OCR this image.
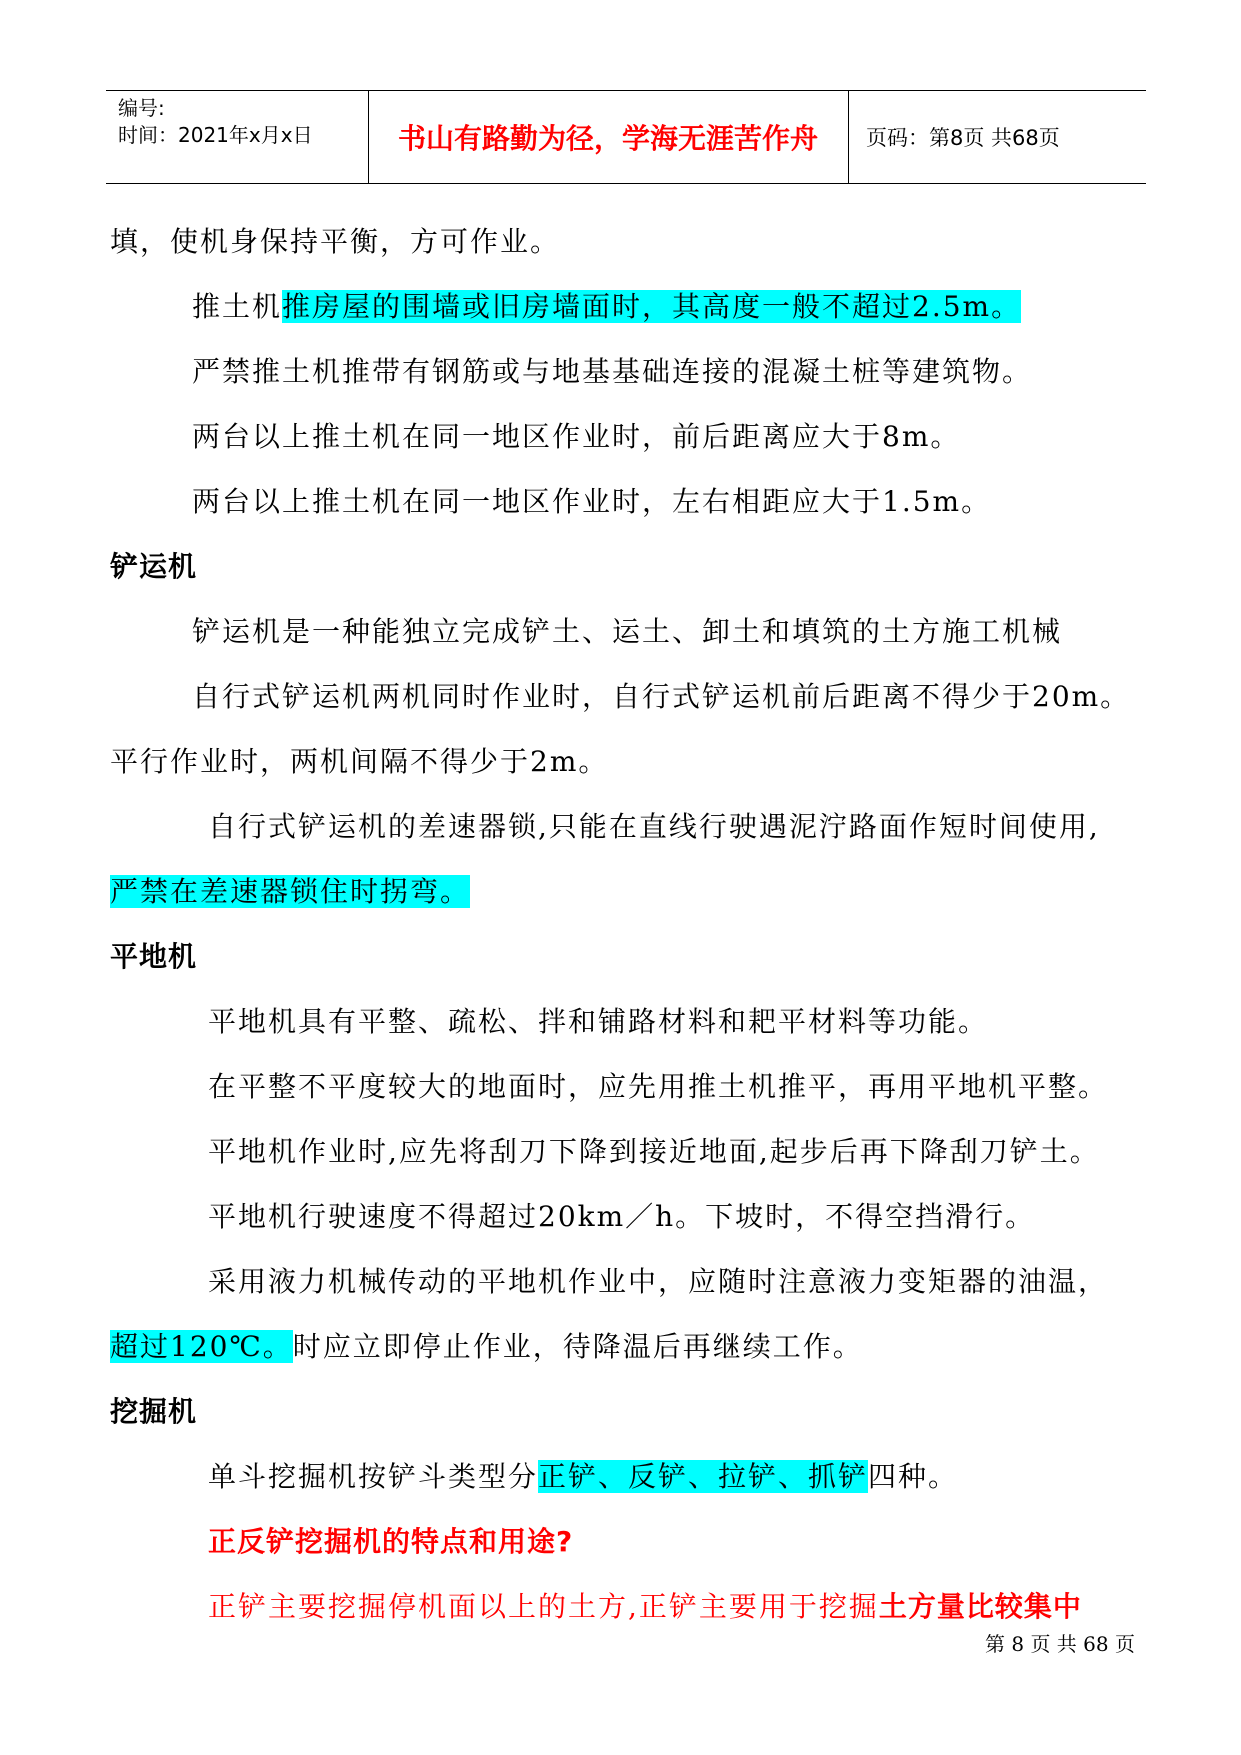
编号:
时间：2021年x月x日	书山有路勤为径，学海无涯苦作舟	页码：第8页 共68页
填，使机身保持平衡，方可作业。
推土机推房屋的围墙或旧房墙面时，其高度一般不超过2.5m。
严禁推土机推带有钢筋或与地基基础连接的混凝土桩等建筑物。
两台以上推土机在同一地区作业时，前后距离应大于8m。
两台以上推土机在同一地区作业时，左右相距应大于1.5m。
铲运机
铲运机是一种能独立完成铲土、运土、卸土和填筑的土方施工机械
自行式铲运机两机同时作业时，自行式铲运机前后距离不得少于20m。
平行作业时，两机间隔不得少于2m。
自行式铲运机的差速器锁,只能在直线行驶遇泥泞路面作短时间使用,
严禁在差速器锁住时拐弯。
平地机
平地机具有平整、疏松、拌和铺路材料和耙平材料等功能。
在平整不平度较大的地面时，应先用推土机推平，再用平地机平整。
平地机作业时,应先将刮刀下降到接近地面,起步后再下降刮刀铲土。
平地机行驶速度不得超过20km／h。下坡时，不得空挡滑行。
采用液力机械传动的平地机作业中，应随时注意液力变矩器的油温，
超过120℃。时应立即停止作业，待降温后再继续工作。
挖掘机
单斗挖掘机按铲斗类型分正铲、反铲、拉铲、抓铲四种。
正反铲挖掘机的特点和用途?
正铲主要挖掘停机面以上的土方,正铲主要用于挖掘土方量比较集中
第 8 页 共 68 页
